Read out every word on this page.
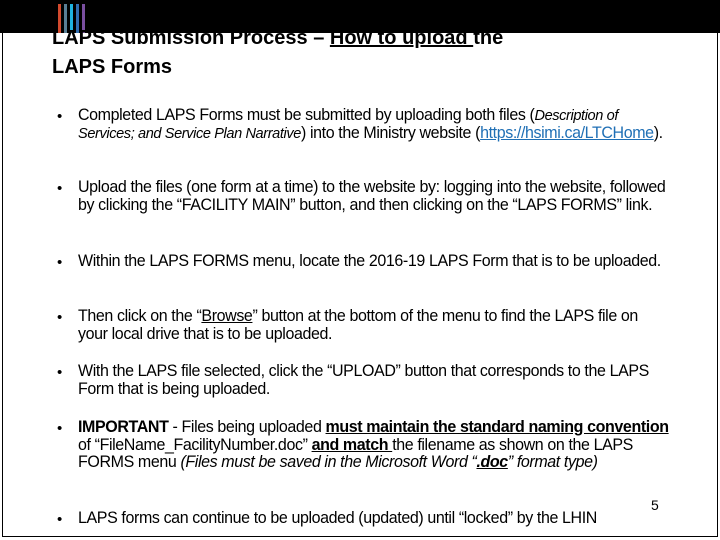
LAPS Submission Process – How to upload the
LAPS Forms
• Completed LAPS Forms must be submitted by uploading both files (Description of Services; and Service Plan Narrative) into the Ministry website (https://hsimi.ca/LTCHome).
• Upload the files (one form at a time) to the website by: logging into the website, followed by clicking the “FACILITY MAIN” button, and then clicking on the “LAPS FORMS” link.
• Within the LAPS FORMS menu, locate the 2016-19 LAPS Form that is to be uploaded.
• Then click on the “Browse” button at the bottom of the menu to find the LAPS file on your local drive that is to be uploaded.
• With the LAPS file selected, click the “UPLOAD” button that corresponds to the LAPS Form that is being uploaded.
• IMPORTANT - Files being uploaded must maintain the standard naming convention of “FileName_FacilityNumber.doc” and match the filename as shown on the LAPS FORMS menu (Files must be saved in the Microsoft Word “.doc” format type)
5
• LAPS forms can continue to be uploaded (updated) until “locked” by the LHIN
